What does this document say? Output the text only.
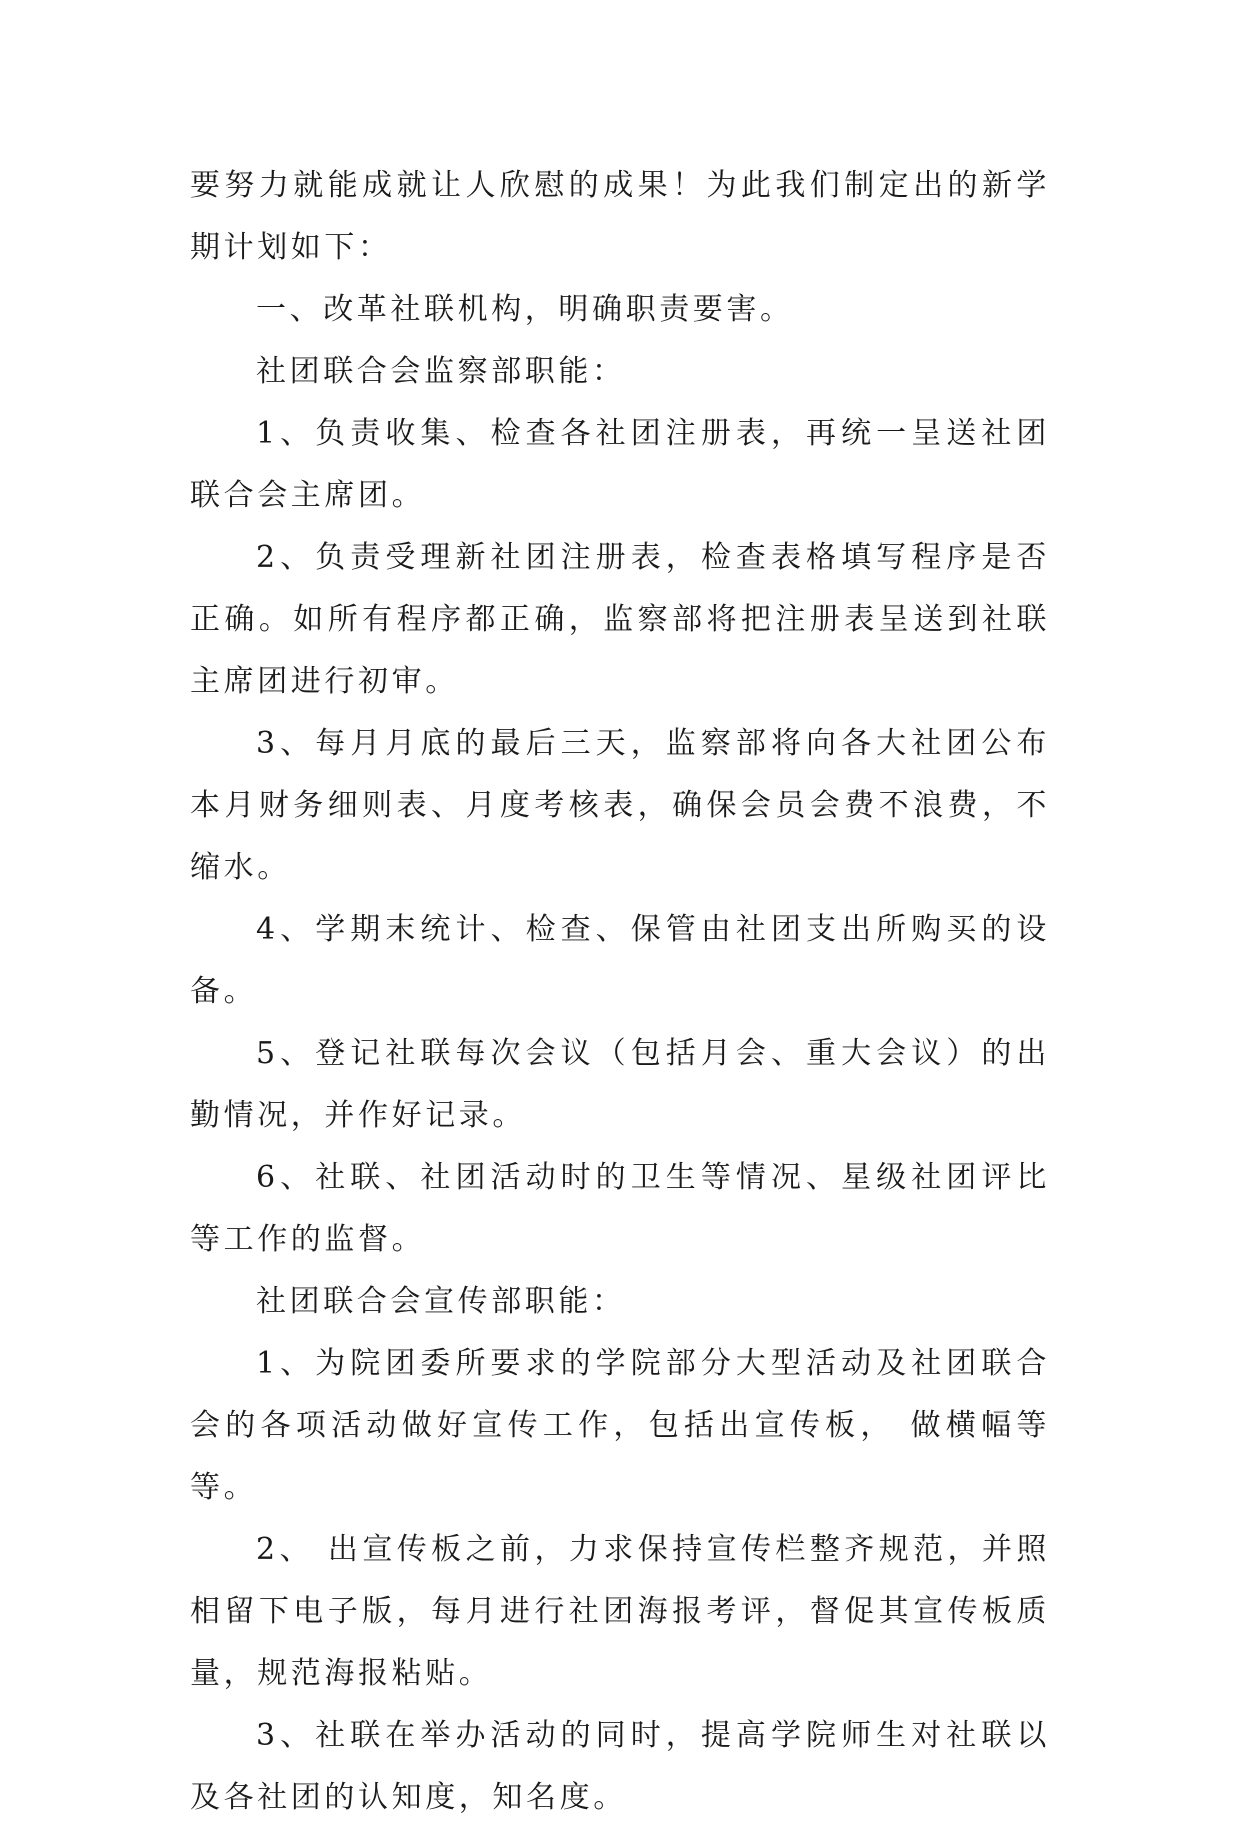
要努力就能成就让人欣慰的成果！为此我们制定出的新学期计划如下：

一、改革社联机构，明确职责要害。

社团联合会监察部职能：

1、负责收集、检查各社团注册表，再统一呈送社团联合会主席团。

2、负责受理新社团注册表，检查表格填写程序是否正确。如所有程序都正确，监察部将把注册表呈送到社联主席团进行初审。

3、每月月底的最后三天，监察部将向各大社团公布本月财务细则表、月度考核表，确保会员会费不浪费，不缩水。

4、学期末统计、检查、保管由社团支出所购买的设备。

5、登记社联每次会议（包括月会、重大会议）的出勤情况，并作好记录。

6、社联、社团活动时的卫生等情况、星级社团评比等工作的监督。

社团联合会宣传部职能：

1、为院团委所要求的学院部分大型活动及社团联合会的各项活动做好宣传工作，包括出宣传板， 做横幅等等。

2、 出宣传板之前，力求保持宣传栏整齐规范，并照相留下电子版，每月进行社团海报考评，督促其宣传板质量，规范海报粘贴。

3、社联在举办活动的同时，提高学院师生对社联以及各社团的认知度，知名度。
